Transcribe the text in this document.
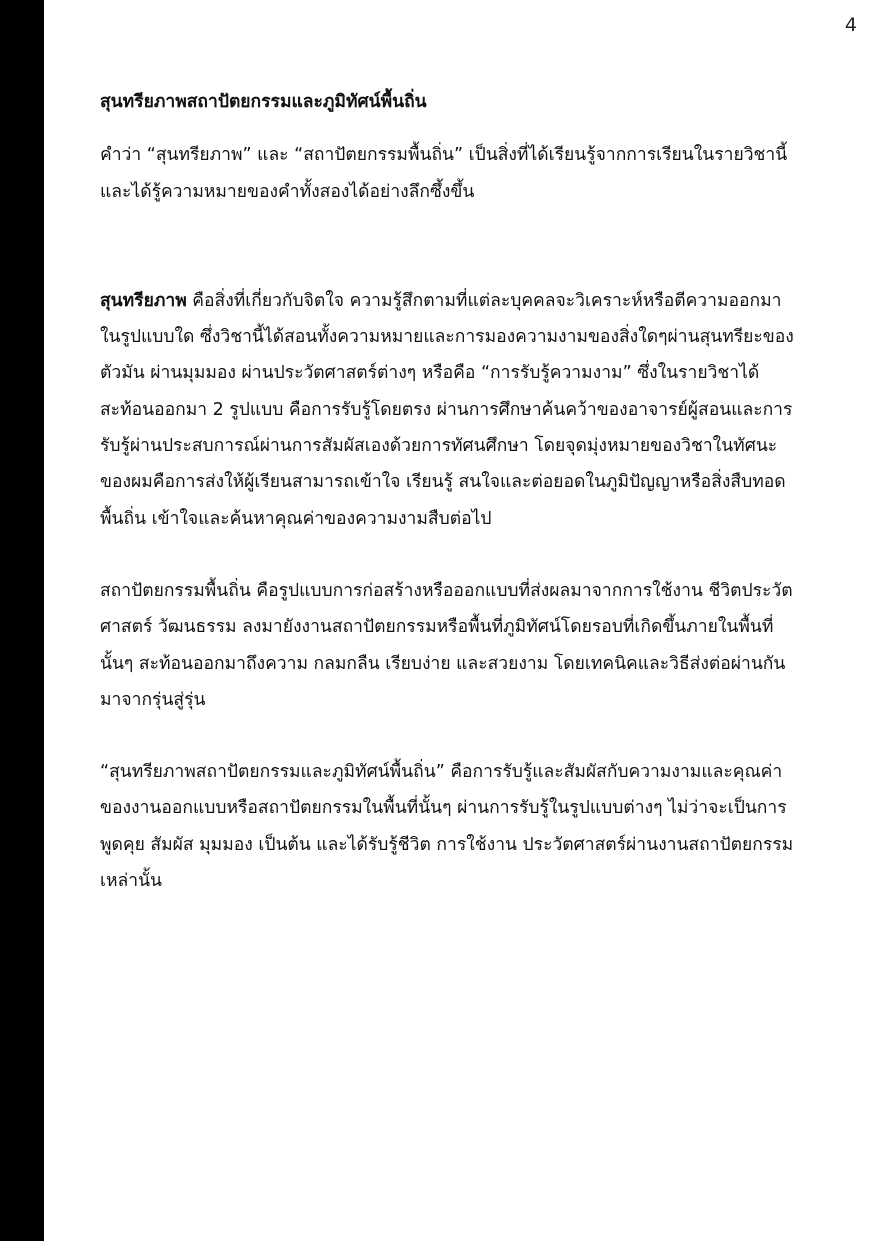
4

สุนทรียภาพสถาปัตยกรรมและภูมิทัศน์พื้นถิ่น

คำว่า “สุนทรียภาพ” และ “สถาปัตยกรรมพื้นถิ่น” เป็นสิ่งที่ได้เรียนรู้จากการเรียนในรายวิชานี้ และได้รู้ความหมายของคำทั้งสองได้อย่างลึกซึ้งขึ้น

สุนทรียภาพ คือสิ่งที่เกี่ยวกับจิตใจ ความรู้สึกตามที่แต่ละบุคคลจะวิเคราะห์หรือตีความออกมาในรูปแบบใด ซึ่งวิชานี้ได้สอนทั้งความหมายและการมองความงามของสิ่งใดๆผ่านสุนทรียะของตัวมัน ผ่านมุมมอง ผ่านประวัตศาสตร์ต่างๆ หรือคือ “การรับรู้ความงาม” ซึ่งในรายวิชาได้สะท้อนออกมา 2 รูปแบบ คือการรับรู้โดยตรง ผ่านการศึกษาค้นคว้าของอาจารย์ผู้สอนและการรับรู้ผ่านประสบการณ์ผ่านการสัมผัสเองด้วยการทัศนศึกษา โดยจุดมุ่งหมายของวิชาในทัศนะของผมคือการส่งให้ผู้เรียนสามารถเข้าใจ เรียนรู้ สนใจและต่อยอดในภูมิปัญญาหรือสิ่งสืบทอดพื้นถิ่น เข้าใจและค้นหาคุณค่าของความงามสืบต่อไป

สถาปัตยกรรมพื้นถิ่น คือรูปแบบการก่อสร้างหรือออกแบบที่ส่งผลมาจากการใช้งาน ชีวิตประวัตศาสตร์ วัฒนธรรม ลงมายังงานสถาปัตยกรรมหรือพื้นที่ภูมิทัศน์โดยรอบที่เกิดขึ้นภายในพื้นที่นั้นๆ สะท้อนออกมาถึงความ กลมกลืน เรียบง่าย และสวยงาม โดยเทคนิคและวิธีส่งต่อผ่านกันมาจากรุ่นสู่รุ่น

“สุนทรียภาพสถาปัตยกรรมและภูมิทัศน์พื้นถิ่น” คือการรับรู้และสัมผัสกับความงามและคุณค่าของงานออกแบบหรือสถาปัตยกรรมในพื้นที่นั้นๆ ผ่านการรับรู้ในรูปแบบต่างๆ ไม่ว่าจะเป็นการพูดคุย สัมผัส มุมมอง เป็นต้น และได้รับรู้ชีวิต การใช้งาน ประวัตศาสตร์ผ่านงานสถาปัตยกรรมเหล่านั้น
